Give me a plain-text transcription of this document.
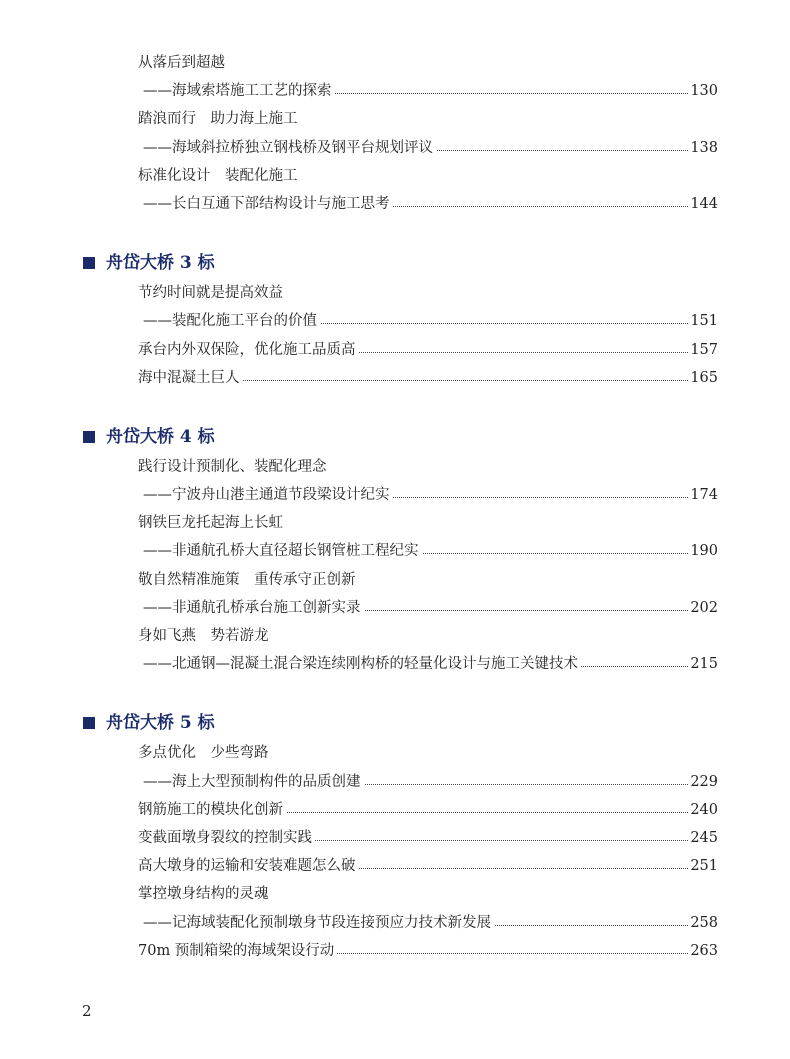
从落后到超越
——海域索塔施工工艺的探索	130
踏浪而行　助力海上施工
——海域斜拉桥独立钢栈桥及钢平台规划评议	138
标准化设计　装配化施工
——长白互通下部结构设计与施工思考	144
舟岱大桥 3 标
节约时间就是提高效益
——装配化施工平台的价值	151
承台内外双保险，优化施工品质高	157
海中混凝土巨人	165
舟岱大桥 4 标
践行设计预制化、装配化理念
——宁波舟山港主通道节段梁设计纪实	174
钢铁巨龙托起海上长虹
——非通航孔桥大直径超长钢管桩工程纪实	190
敬自然精准施策　重传承守正创新
——非通航孔桥承台施工创新实录	202
身如飞燕　势若游龙
——北通钢—混凝土混合梁连续刚构桥的轻量化设计与施工关键技术	215
舟岱大桥 5 标
多点优化　少些弯路
——海上大型预制构件的品质创建	229
钢筋施工的模块化创新	240
变截面墩身裂纹的控制实践	245
高大墩身的运输和安装难题怎么破	251
掌控墩身结构的灵魂
——记海域装配化预制墩身节段连接预应力技术新发展	258
70m 预制箱梁的海域架设行动	263
2
